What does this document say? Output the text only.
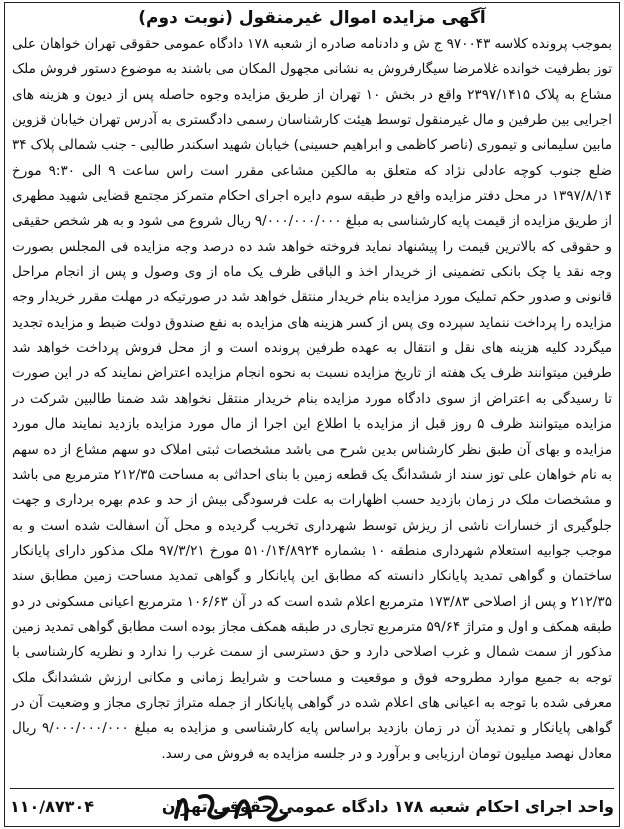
آگهی مزایده اموال غیرمنقول (نوبت دوم)

بموجب پرونده کلاسه ۹۷۰۰۴۳ ج ش و دادنامه صادره از شعبه ۱۷۸ دادگاه عمومی حقوقی تهران خواهان علی توز بطرفیت خوانده غلامرضا سیگارفروش به نشانی مجهول المکان می باشند به موضوع دستور فروش ملک مشاع به پلاک ۲۳۹۷/۱۴۱۵ واقع در بخش ۱۰ تهران از طریق مزایده وجوه حاصله پس از دیون و هزینه های اجرایی بین طرفین و مال غیرمنقول توسط هیئت کارشناسان رسمی دادگستری به آدرس تهران خیابان قزوین مابین سلیمانی و تیموری (ناصر کاظمی و ابراهیم حسینی) خیابان شهید اسکندر طالبی - جنب شمالی پلاک ۳۴ ضلع جنوب کوچه عادلی نژاد که متعلق به مالکین مشاعی مقرر است راس ساعت ۹ الی ۹:۳۰ مورخ ۱۳۹۷/۸/۱۴ در محل دفتر مزایده واقع در طبقه سوم دایره اجرای احکام متمرکز مجتمع قضایی شهید مطهری از طریق مزایده از قیمت پایه کارشناسی به مبلغ ۹/۰۰۰/۰۰۰/۰۰۰ ریال شروع می شود و به هر شخص حقیقی و حقوقی که بالاترین قیمت را پیشنهاد نماید فروخته خواهد شد ده درصد وجه مزایده فی المجلس بصورت وجه نقد یا چک بانکی تضمینی از خریدار اخذ و الباقی ظرف یک ماه از وی وصول و پس از انجام مراحل قانونی و صدور حکم تملیک مورد مزایده بنام خریدار منتقل خواهد شد در صورتیکه در مهلت مقرر خریدار وجه مزایده را پرداخت ننماید سپرده وی پس از کسر هزینه های مزایده به نفع صندوق دولت ضبط و مزایده تجدید میگردد کلیه هزینه های نقل و انتقال به عهده طرفین پرونده است و از محل فروش پرداخت خواهد شد طرفین میتوانند ظرف یک هفته از تاریخ مزایده نسبت به نحوه انجام مزایده اعتراض نمایند که در این صورت تا رسیدگی به اعتراض از سوی دادگاه مورد مزایده بنام خریدار منتقل نخواهد شد ضمنا طالبین شرکت در مزایده میتوانند ظرف ۵ روز قبل از مزایده با اطلاع این اجرا از مال مورد مزایده بازدید نمایند مال مورد مزایده و بهای آن طبق نظر کارشناس بدین شرح می باشد مشخصات ثبتی املاک دو سهم مشاع از ده سهم به نام خواهان علی توز سند از ششدانگ یک قطعه زمین با بنای احداثی به مساحت ۲۱۲/۳۵ مترمربع می باشد و مشخصات ملک در زمان بازدید حسب اظهارات به علت فرسودگی بیش از حد و عدم بهره برداری و جهت جلوگیری از خسارات ناشی از ریزش توسط شهرداری تخریب گردیده و محل آن اسفالت شده است و به موجب جوابیه استعلام شهرداری منطقه ۱۰ بشماره ۵۱۰/۱۴/۸۹۲۴ مورخ ۹۷/۳/۲۱ ملک مذکور دارای پایانکار ساختمان و گواهی تمدید پایانکار دانسته که مطابق این پایانکار و گواهی تمدید مساحت زمین مطابق سند ۲۱۲/۳۵ و پس از اصلاحی ۱۷۳/۸۳ مترمربع اعلام شده است که در آن ۱۰۶/۶۳ مترمربع اعیانی مسکونی در دو طبقه همکف و اول و متراژ ۵۹/۶۴ مترمربع تجاری در طبقه همکف مجاز بوده است مطابق گواهی تمدید زمین مذکور از سمت شمال و غرب اصلاحی دارد و حق دسترسی از سمت غرب را ندارد و نظریه کارشناسی با توجه به جمیع موارد مطروحه فوق و موقعیت و مساحت و شرایط زمانی و مکانی ارزش ششدانگ ملک معرفی شده با توجه به اعیانی های اعلام شده در گواهی پایانکار از جمله متراژ تجاری مجاز و وضعیت آن در گواهی پایانکار و تمدید آن در زمان بازدید براساس پایه کارشناسی و مزایده به مبلغ ۹/۰۰۰/۰۰۰/۰۰۰ ریال معادل نهصد میلیون تومان ارزیابی و برآورد و در جلسه مزایده به فروش می رسد.

واحد اجرای احکام شعبه ۱۷۸ دادگاه عمومی حقوقی تهران
۱۱۰/۸۷۳۰۴
